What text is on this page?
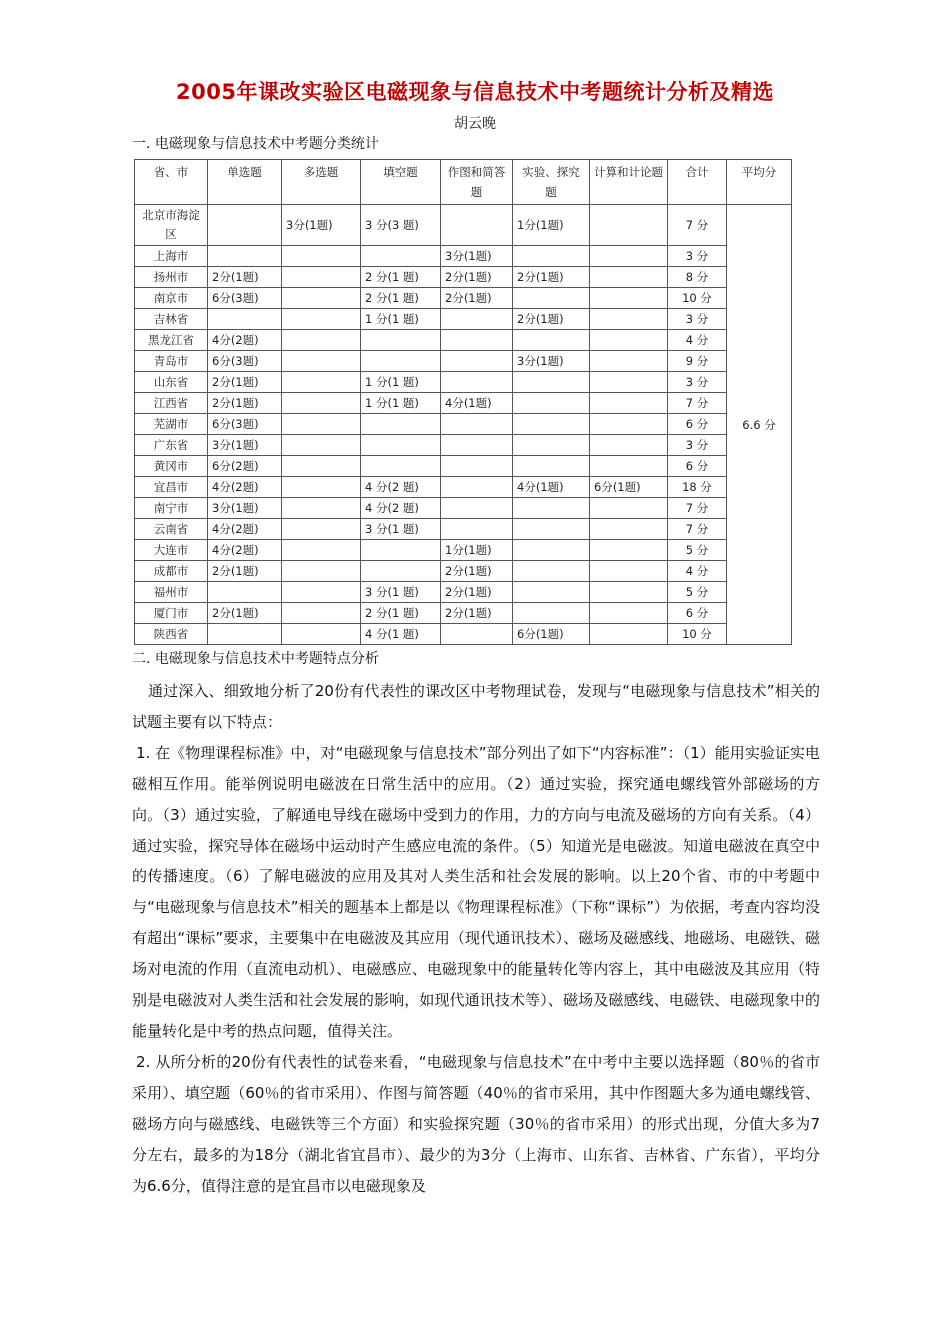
2005年课改实验区电磁现象与信息技术中考题统计分析及精选
胡云晚
一. 电磁现象与信息技术中考题分类统计
省、市	单选题	多选题	填空题	作图和简答题	实验、探究题	计算和计论题	合计	平均分
北京市海淀区		3分(1题)	3 分(3 题)		1分(1题)		7 分	6.6 分
上海市				3分(1题)			3 分	
扬州市	2分(1题)		2 分(1 题)	2分(1题)	2分(1题)		8 分	
南京市	6分(3题)		2 分(1 题)	2分(1题)			10 分	
吉林省			1 分(1 题)		2分(1题)		3 分	
黑龙江省	4分(2题)						4 分	
青岛市	6分(3题)				3分(1题)		9 分	
山东省	2分(1题)		1 分(1 题)				3 分	
江西省	2分(1题)		1 分(1 题)	4分(1题)			7 分	
芜湖市	6分(3题)						6 分	
广东省	3分(1题)						3 分	
黄冈市	6分(2题)						6 分	
宜昌市	4分(2题)		4 分(2 题)		4分(1题)	6分(1题)	18 分	
南宁市	3分(1题)		4 分(2 题)				7 分	
云南省	4分(2题)		3 分(1 题)				7 分	
大连市	4分(2题)			1分(1题)			5 分	
成都市	2分(1题)			2分(1题)			4 分	
福州市			3 分(1 题)	2分(1题)			5 分	
厦门市	2分(1题)		2 分(1 题)	2分(1题)			6 分	
陕西省			4 分(1 题)		6分(1题)		10 分	
二. 电磁现象与信息技术中考题特点分析

通过深入、细致地分析了20份有代表性的课改区中考物理试卷，发现与“电磁现象与信息技术”相关的试题主要有以下特点：

1. 在《物理课程标准》中，对“电磁现象与信息技术”部分列出了如下“内容标准”：（1）能用实验证实电磁相互作用。能举例说明电磁波在日常生活中的应用。（2）通过实验，探究通电螺线管外部磁场的方向。（3）通过实验，了解通电导线在磁场中受到力的作用，力的方向与电流及磁场的方向有关系。（4）通过实验，探究导体在磁场中运动时产生感应电流的条件。（5）知道光是电磁波。知道电磁波在真空中的传播速度。（6）了解电磁波的应用及其对人类生活和社会发展的影响。以上20个省、市的中考题中与“电磁现象与信息技术”相关的题基本上都是以《物理课程标准》（下称“课标”）为依据，考查内容均没有超出“课标”要求，主要集中在电磁波及其应用（现代通讯技术）、磁场及磁感线、地磁场、电磁铁、磁场对电流的作用（直流电动机）、电磁感应、电磁现象中的能量转化等内容上，其中电磁波及其应用（特别是电磁波对人类生活和社会发展的影响，如现代通讯技术等）、磁场及磁感线、电磁铁、电磁现象中的能量转化是中考的热点问题，值得关注。

2. 从所分析的20份有代表性的试卷来看，“电磁现象与信息技术”在中考中主要以选择题（80％的省市采用）、填空题（60％的省市采用）、作图与简答题（40％的省市采用，其中作图题大多为通电螺线管、磁场方向与磁感线、电磁铁等三个方面）和实验探究题（30％的省市采用）的形式出现，分值大多为7分左右，最多的为18分（湖北省宜昌市）、最少的为3分（上海市、山东省、吉林省、广东省），平均分为6.6分，值得注意的是宜昌市以电磁现象及
